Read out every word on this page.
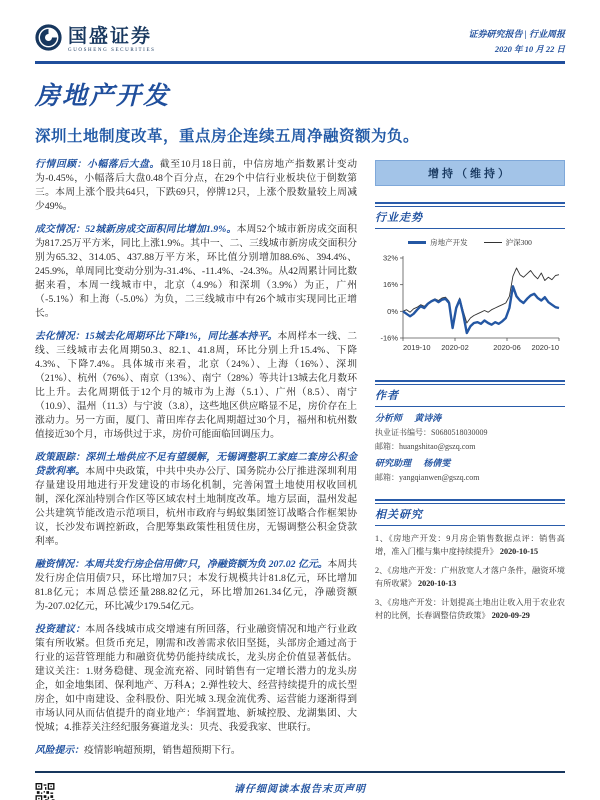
国盛证券
GUOSHENG SECURITIES
证券研究报告 | 行业周报
2020 年 10 月 22 日
房地产开发
深圳土地制度改革，重点房企连续五周净融资额为负。

行情回顾：小幅落后大盘。截至10月18日前，中信房地产指数累计变动为-0.45%，小幅落后大盘0.48个百分点，在29个中信行业板块位于倒数第三。本周上涨个股共64只，下跌69只，停牌12只，上涨个股数量较上周减少49%。

成交情况：52城新房成交面积同比增加1.9%。本周52个城市新房成交面积为817.25万平方米，同比上涨1.9%。其中一、二、三线城市新房成交面积分别为65.32、314.05、437.88万平方米，环比值分别增加88.6%、394.4%、245.9%，单周同比变动分别为-31.4%、-11.4%、-24.3%。从42周累计同比数据来看，本周一线城市中，北京（4.9%）和深圳（3.9%）为正，广州（-5.1%）和上海（-5.0%）为负，二三线城市中有26个城市实现同比正增长。

去化情况：15城去化周期环比下降1%，同比基本持平。本周样本一线、二线、三线城市去化周期50.3、82.1、41.8周，环比分别上升15.4%、下降4.3%、下降7.4%。具体城市来看，北京（24%）、上海（16%）、深圳（21%）、杭州（76%）、南京（13%）、南宁（28%）等共计13城去化月数环比上升。去化周期低于12个月的城市为上海（5.1）、广州（8.5）、南宁（10.9）、温州（11.3）与宁波（3.8），这些地区供应略显不足，房价存在上涨动力。另一方面，厦门、莆田库存去化周期超过30个月，福州和杭州数值接近30个月，市场供过于求，房价可能面临回调压力。

政策跟踪：深圳土地供应不足有望缓解，无锡调整职工家庭二套房公积金贷款利率。本周中央政策，中共中央办公厅、国务院办公厅推进深圳利用存量建设用地进行开发建设的市场化机制，完善闲置土地使用权收回机制，深化深汕特别合作区等区域农村土地制度改革。地方层面，温州发起公共建筑节能改造示范项目，杭州市政府与蚂蚁集团签订战略合作框架协议，长沙发布调控新政，合肥筹集政策性租赁住房，无锡调整公积金贷款利率。

融资情况：本周共发行房企信用债7只，净融资额为负 207.02 亿元。本周共发行房企信用债7只，环比增加7只；本发行规模共计81.8亿元，环比增加81.8亿元；本周总偿还量288.82亿元，环比增加261.34亿元，净融资额为-207.02亿元，环比减少179.54亿元。

投资建议：本周各线城市成交增速有所回落，行业融资情况和地产行业政策有所收紧。但货币充足，刚需和改善需求依旧坚挺，头部房企通过高于行业的运营管理能力和融资优势仍能持续成长，龙头房企价值显著低估。建议关注：1.财务稳健、现金流充裕、同时销售有一定增长潜力的龙头房企，如金地集团、保利地产、万科A；2.弹性较大、经营持续提升的成长型房企，如中南建设、金科股份、阳光城 3.现金流优秀、运营能力逐渐得到市场认同从而估值提升的商业地产：华润置地、新城控股、龙湖集团、大悦城；4.推荐关注经纪服务赛道龙头：贝壳、我爱我家、世联行。

风险提示：疫情影响超预期，销售超预期下行。

增持（维持）
行业走势
房地产开发	沪深300
32%
16%
0%
-16%
2019-10 2020-02	2020-06 2020-10
作者
分析师 黄诗涛
执业证书编号：S0680518030009
邮箱：huangshitao@gszq.com
研究助理 杨倩雯
邮箱：yangqianwen@gszq.com
相关研究
1、《房地产开发：9月房企销售数据点评：销售高增，准入门槛与集中度持续提升》 2020-10-15
2、《房地产开发：广州放宽人才落户条件，融资环境有所收紧》 2020-10-13
3、《房地产开发：计划提高土地出让收入用于农业农村的比例，长春调整信贷政策》 2020-09-29
请仔细阅读本报告末页声明
